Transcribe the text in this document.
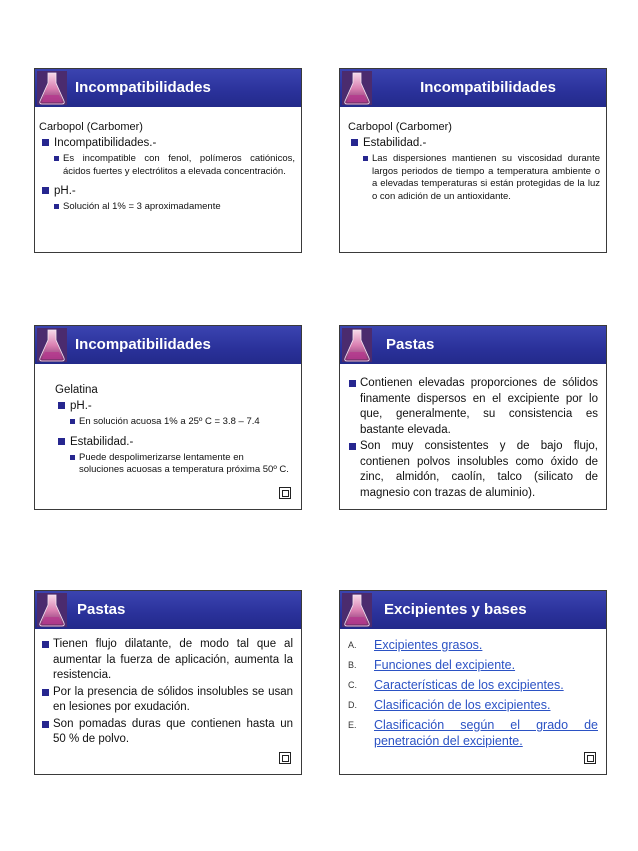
Incompatibilidades
Carbopol (Carbomer)
Incompatibilidades.-
Es incompatible con fenol, polímeros catiónicos, ácidos fuertes y electrólitos a elevada concentración.
pH.-
Solución al 1% = 3 aproximadamente
Incompatibilidades
Carbopol (Carbomer)
Estabilidad.-
Las dispersiones mantienen su viscosidad durante largos periodos de tiempo a temperatura ambiente o a elevadas temperaturas si están protegidas de la luz o con adición de un antioxidante.
Incompatibilidades
Gelatina
pH.-
En solución acuosa 1% a 25º C = 3.8 – 7.4
Estabilidad.-
Puede despolimerizarse lentamente en soluciones acuosas a temperatura próxima 50º C.
Pastas
Contienen elevadas proporciones de sólidos finamente dispersos en el excipiente por lo que, generalmente, su consistencia es bastante elevada.
Son muy consistentes y de bajo flujo, contienen polvos insolubles como óxido de zinc, almidón, caolín, talco (silicato de magnesio con trazas de aluminio).
Pastas
Tienen flujo dilatante, de modo tal que al aumentar la fuerza de aplicación, aumenta la resistencia.
Por la presencia de sólidos insolubles se usan en lesiones por exudación.
Son pomadas duras que contienen hasta un 50 % de polvo.
Excipientes y bases
A. Excipientes grasos.
B. Funciones del excipiente.
C. Características de los excipientes.
D. Clasificación de los excipientes.
E. Clasificación según el grado de penetración del excipiente.
